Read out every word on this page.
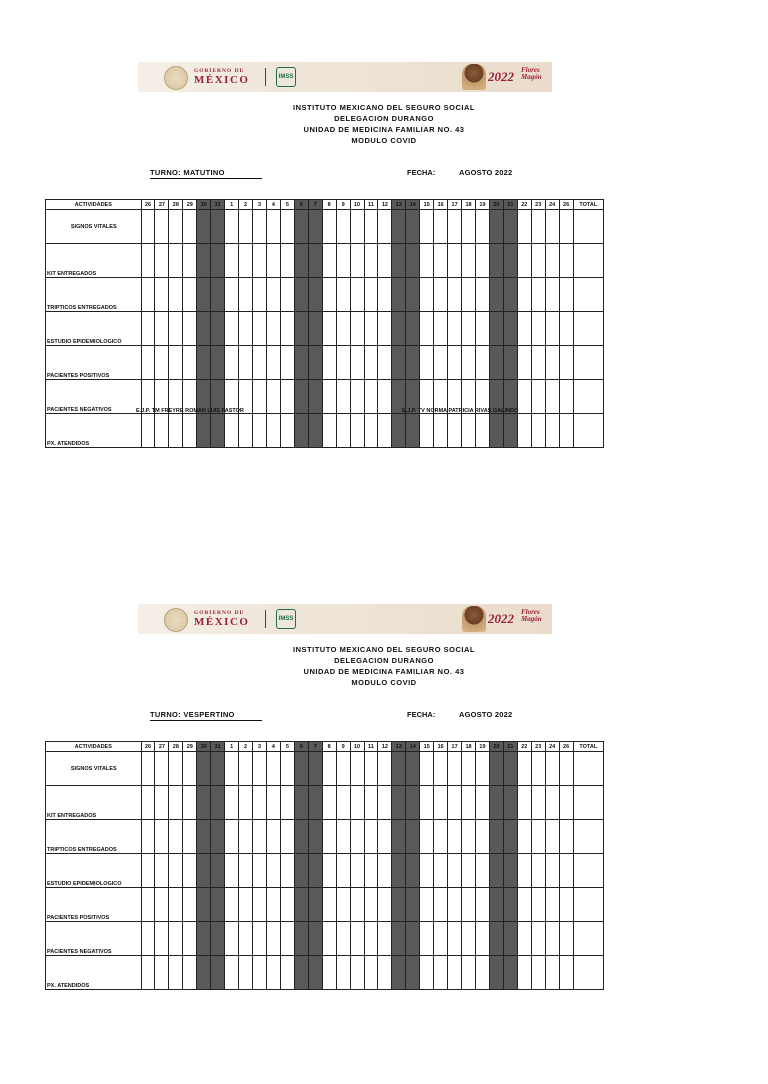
GOBIERNO DE
MÉXICO	IMSS	2022 Flores Magón
INSTITUTO MEXICANO DEL SEGURO SOCIAL
DELEGACION DURANGO
UNIDAD DE MEDICINA FAMILIAR NO. 43
MODULO COVID
TURNO: MATUTINO	FECHA:	AGOSTO 2022
ACTIVIDADES	26	27	28	29	30	31	1	2	3	4	5	6	7	8	9	10	11	12	13	14	15	16	17	18	19	20	21	22	23	24	26	TOTAL
SIGNOS VITALES																																
KIT ENTREGADOS																																
TRIPTICOS ENTREGADOS																																
ESTUDIO EPIDEMIOLOGICO																																
PACIENTES POSITIVOS																																
PACIENTES NEGATIVOS																																
PX. ATENDIDOS																																
E.J.P. TM FREYRE ROMAN LUIS PASTOR	E.J.P. TV NORMA PATRICIA RIVAS GALINDO
GOBIERNO DE
MÉXICO	IMSS	2022 Flores Magón
INSTITUTO MEXICANO DEL SEGURO SOCIAL
DELEGACION DURANGO
UNIDAD DE MEDICINA FAMILIAR NO. 43
MODULO COVID
TURNO: VESPERTINO	FECHA:	AGOSTO 2022
ACTIVIDADES	26	27	28	29	30	31	1	2	3	4	5	6	7	8	9	10	11	12	13	14	15	16	17	18	19	20	21	22	23	24	26	TOTAL
SIGNOS VITALES																																
KIT ENTREGADOS																																
TRIPTICOS ENTREGADOS																																
ESTUDIO EPIDEMIOLOGICO																																
PACIENTES POSITIVOS																																
PACIENTES NEGATIVOS																																
PX. ATENDIDOS																																
